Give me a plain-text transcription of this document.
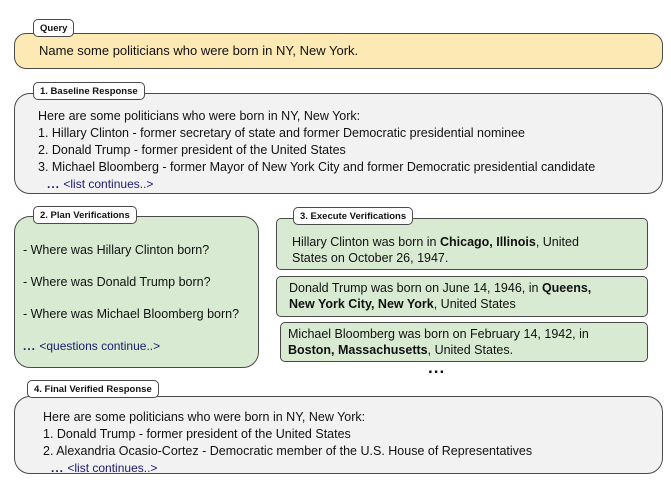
Query
Name some politicians who were born in NY, New York.
1. Baseline Response
Here are some politicians who were born in NY, New York:
1. Hillary Clinton - former secretary of state and former Democratic presidential nominee
2. Donald Trump - former president of the United States
3. Michael Bloomberg - former Mayor of New York City and former Democratic presidential candidate
... <list continues..>
2. Plan Verifications
- Where was Hillary Clinton born?
- Where was Donald Trump born?
- Where was Michael Bloomberg born?
... <questions continue..>
3. Execute Verifications
Hillary Clinton was born in Chicago, Illinois, United
States on October 26, 1947.
Donald Trump was born on June 14, 1946, in Queens,
New York City, New York, United States
Michael Bloomberg was born on February 14, 1942, in
Boston, Massachusetts, United States.
...
4. Final Verified Response
Here are some politicians who were born in NY, New York:
1. Donald Trump - former president of the United States
2. Alexandria Ocasio-Cortez - Democratic member of the U.S. House of Representatives
... <list continues..>
